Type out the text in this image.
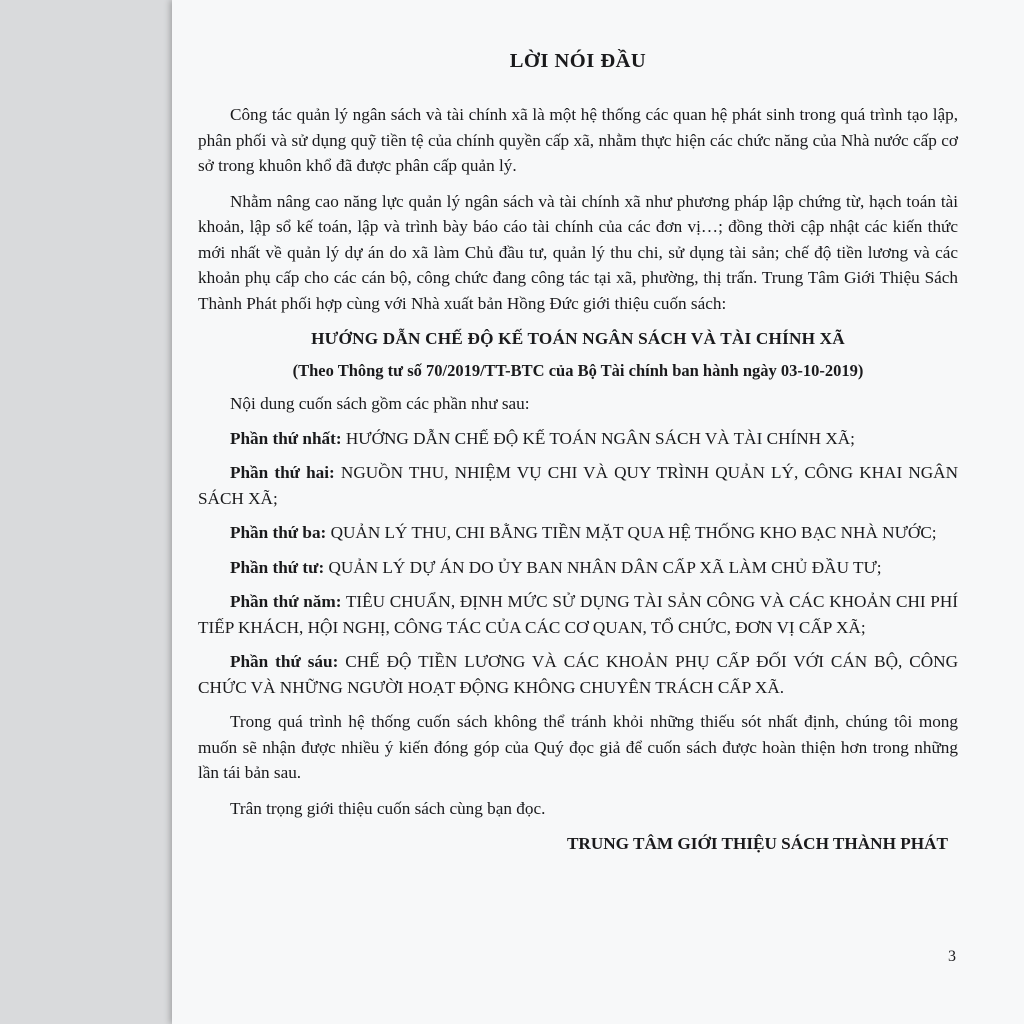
LỜI NÓI ĐẦU

Công tác quản lý ngân sách và tài chính xã là một hệ thống các quan hệ phát sinh trong quá trình tạo lập, phân phối và sử dụng quỹ tiền tệ của chính quyền cấp xã, nhằm thực hiện các chức năng của Nhà nước cấp cơ sở trong khuôn khổ đã được phân cấp quản lý.

Nhằm nâng cao năng lực quản lý ngân sách và tài chính xã như phương pháp lập chứng từ, hạch toán tài khoản, lập sổ kế toán, lập và trình bày báo cáo tài chính của các đơn vị…; đồng thời cập nhật các kiến thức mới nhất về quản lý dự án do xã làm Chủ đầu tư, quản lý thu chi, sử dụng tài sản; chế độ tiền lương và các khoản phụ cấp cho các cán bộ, công chức đang công tác tại xã, phường, thị trấn. Trung Tâm Giới Thiệu Sách Thành Phát phối hợp cùng với Nhà xuất bản Hồng Đức giới thiệu cuốn sách:

HƯỚNG DẪN CHẾ ĐỘ KẾ TOÁN NGÂN SÁCH VÀ TÀI CHÍNH XÃ

(Theo Thông tư số 70/2019/TT-BTC của Bộ Tài chính ban hành ngày 03-10-2019)

Nội dung cuốn sách gồm các phần như sau:

Phần thứ nhất: HƯỚNG DẪN CHẾ ĐỘ KẾ TOÁN NGÂN SÁCH VÀ TÀI CHÍNH XÃ;

Phần thứ hai: NGUỒN THU, NHIỆM VỤ CHI VÀ QUY TRÌNH QUẢN LÝ, CÔNG KHAI NGÂN SÁCH XÃ;

Phần thứ ba: QUẢN LÝ THU, CHI BẰNG TIỀN MẶT QUA HỆ THỐNG KHO BẠC NHÀ NƯỚC;

Phần thứ tư: QUẢN LÝ DỰ ÁN DO ỦY BAN NHÂN DÂN CẤP XÃ LÀM CHỦ ĐẦU TƯ;

Phần thứ năm: TIÊU CHUẨN, ĐỊNH MỨC SỬ DỤNG TÀI SẢN CÔNG VÀ CÁC KHOẢN CHI PHÍ TIẾP KHÁCH, HỘI NGHỊ, CÔNG TÁC CỦA CÁC CƠ QUAN, TỔ CHỨC, ĐƠN VỊ CẤP XÃ;

Phần thứ sáu: CHẾ ĐỘ TIỀN LƯƠNG VÀ CÁC KHOẢN PHỤ CẤP ĐỐI VỚI CÁN BỘ, CÔNG CHỨC VÀ NHỮNG NGƯỜI HOẠT ĐỘNG KHÔNG CHUYÊN TRÁCH CẤP XÃ.

Trong quá trình hệ thống cuốn sách không thể tránh khỏi những thiếu sót nhất định, chúng tôi mong muốn sẽ nhận được nhiều ý kiến đóng góp của Quý đọc giả để cuốn sách được hoàn thiện hơn trong những lần tái bản sau.

Trân trọng giới thiệu cuốn sách cùng bạn đọc.

TRUNG TÂM GIỚI THIỆU SÁCH THÀNH PHÁT

3
